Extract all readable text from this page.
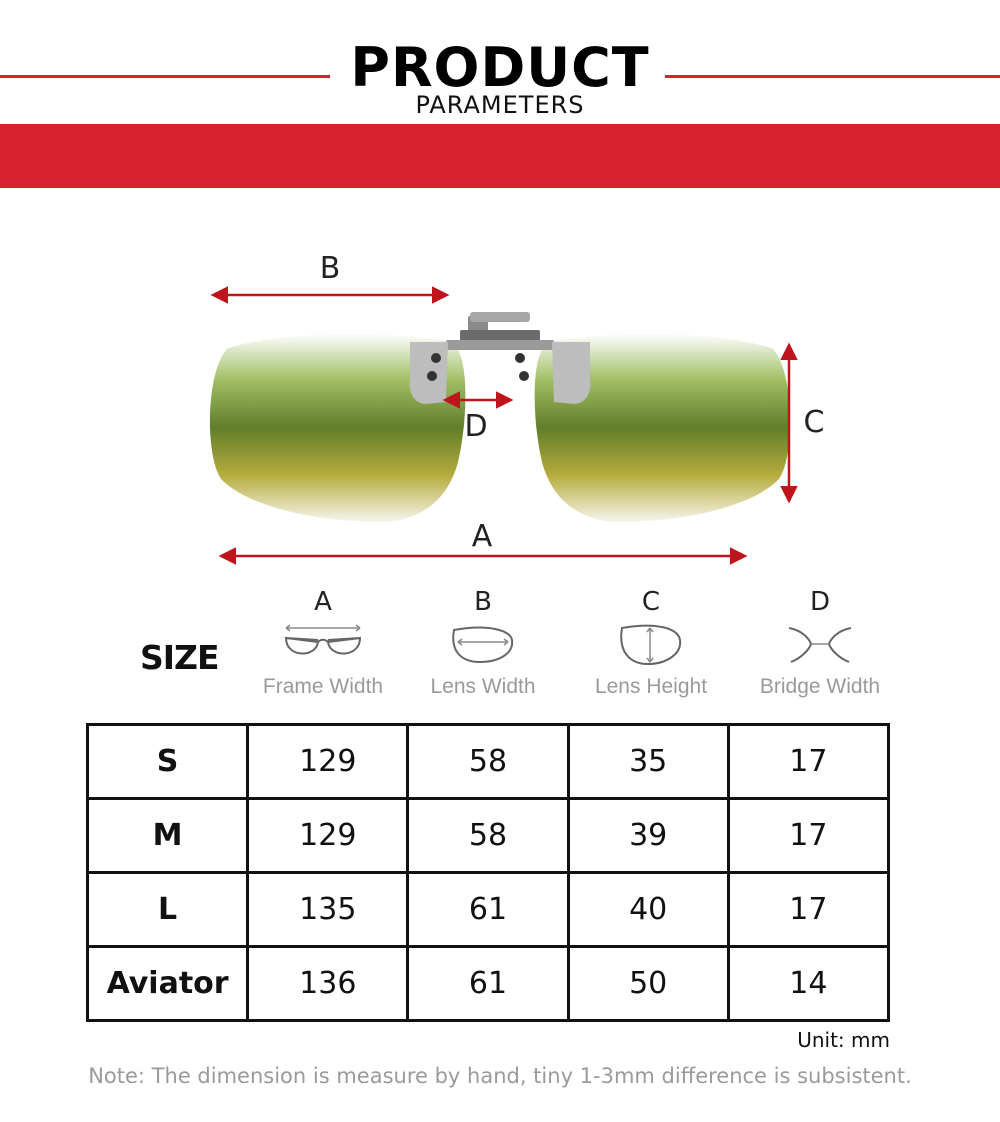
PRODUCT
PARAMETERS
B
D	C
A
SIZE
A
Frame Width
B
Lens Width
C
Lens Height
D
Bridge Width
S	129	58	35	17
M	129	58	39	17
L	135	61	40	17
Aviator	136	61	50	14
Unit: mm
Note: The dimension is measure by hand, tiny 1-3mm difference is subsistent.
